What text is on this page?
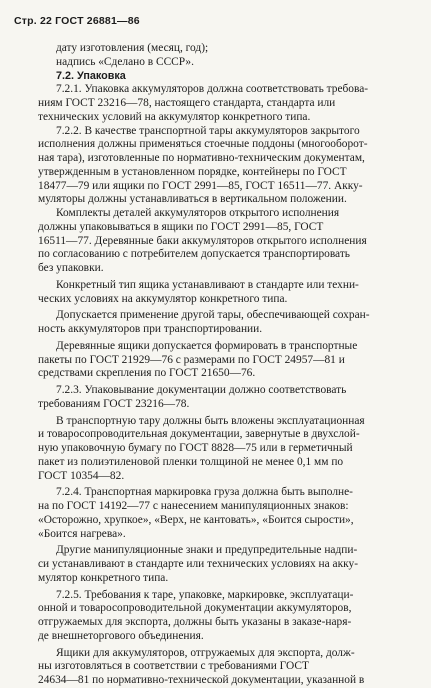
Стр. 22 ГОСТ 26881—86
дату изготовления (месяц, год);
надпись «Сделано в СССР».
7.2. Упаковка
7.2.1. Упаковка аккумуляторов должна соответствовать требова-
ниям ГОСТ 23216—78, настоящего стандарта, стандарта или
технических условий на аккумулятор конкретного типа.
7.2.2. В качестве транспортной тары аккумуляторов закрытого
исполнения должны применяться стоечные поддоны (многооборот-
ная тара), изготовленные по нормативно-техническим документам,
утвержденным в установленном порядке, контейнеры по ГОСТ
18477—79 или ящики по ГОСТ 2991—85, ГОСТ 16511—77. Акку-
муляторы должны устанавливаться в вертикальном положении.
Комплекты деталей аккумуляторов открытого исполнения
должны упаковываться в ящики по ГОСТ 2991—85, ГОСТ
16511—77. Деревянные баки аккумуляторов открытого исполнения
по согласованию с потребителем допускается транспортировать
без упаковки.
Конкретный тип ящика устанавливают в стандарте или техни-
ческих условиях на аккумулятор конкретного типа.
Допускается применение другой тары, обеспечивающей сохран-
ность аккумуляторов при транспортировании.
Деревянные ящики допускается формировать в транспортные
пакеты по ГОСТ 21929—76 с размерами по ГОСТ 24957—81 и
средствами скрепления по ГОСТ 21650—76.
7.2.3. Упаковывание документации должно соответствовать
требованиям ГОСТ 23216—78.
В транспортную тару должны быть вложены эксплуатационная
и товаросопроводительная документации, завернутые в двухслой-
ную упаковочную бумагу по ГОСТ 8828—75 или в герметичный
пакет из полиэтиленовой пленки толщиной не менее 0,1 мм по
ГОСТ 10354—82.
7.2.4. Транспортная маркировка груза должна быть выполне-
на по ГОСТ 14192—77 с нанесением манипуляционных знаков:
«Осторожно, хрупкое», «Верх, не кантовать», «Боится сырости»,
«Боится нагрева».
Другие манипуляционные знаки и предупредительные надпи-
си устанавливают в стандарте или технических условиях на акку-
мулятор конкретного типа.
7.2.5. Требования к таре, упаковке, маркировке, эксплуатаци-
онной и товаросопроводительной документации аккумуляторов,
отгружаемых для экспорта, должны быть указаны в заказе-наря-
де внешнеторгового объединения.
Ящики для аккумуляторов, отгружаемых для экспорта, долж-
ны изготовляться в соответствии с требованиями ГОСТ
24634—81 по нормативно-технической документации, указанной в
